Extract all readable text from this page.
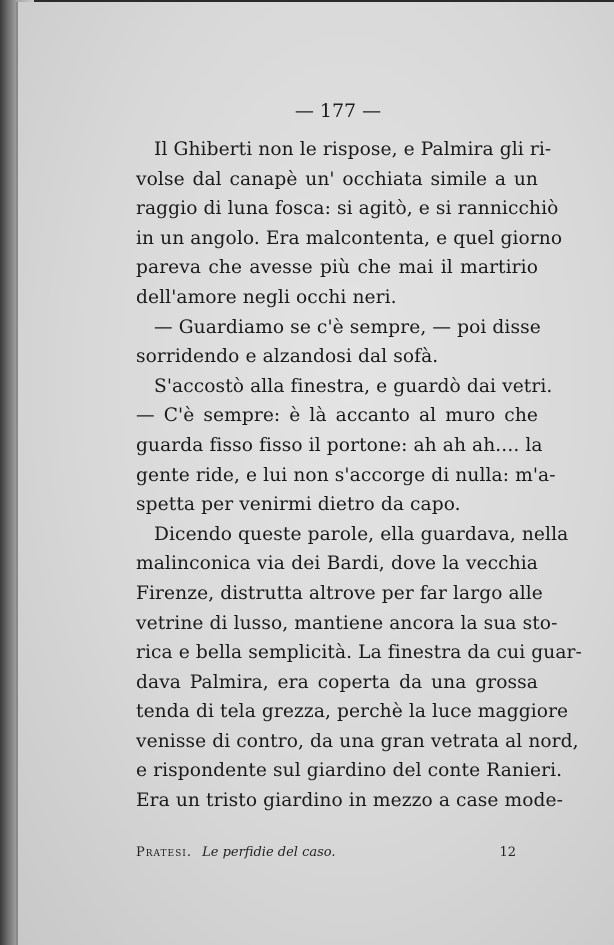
— 177 —
Il Ghiberti non le rispose, e Palmira gli ri-
volse dal canapè un' occhiata simile a un
raggio di luna fosca: si agitò, e si rannicchiò
in un angolo. Era malcontenta, e quel giorno
pareva che avesse più che mai il martirio
dell'amore negli occhi neri.
— Guardiamo se c'è sempre, — poi disse
sorridendo e alzandosi dal sofà.
S'accostò alla finestra, e guardò dai vetri.
— C'è sempre: è là accanto al muro che
guarda fisso fisso il portone: ah ah ah.... la
gente ride, e lui non s'accorge di nulla: m'a-
spetta per venirmi dietro da capo.
Dicendo queste parole, ella guardava, nella
malinconica via dei Bardi, dove la vecchia
Firenze, distrutta altrove per far largo alle
vetrine di lusso, mantiene ancora la sua sto-
rica e bella semplicità. La finestra da cui guar-
dava Palmira, era coperta da una grossa
tenda di tela grezza, perchè la luce maggiore
venisse di contro, da una gran vetrata al nord,
e rispondente sul giardino del conte Ranieri.
Era un tristo giardino in mezzo a case mode-
Pratesi. Le perfidie del caso.	12
